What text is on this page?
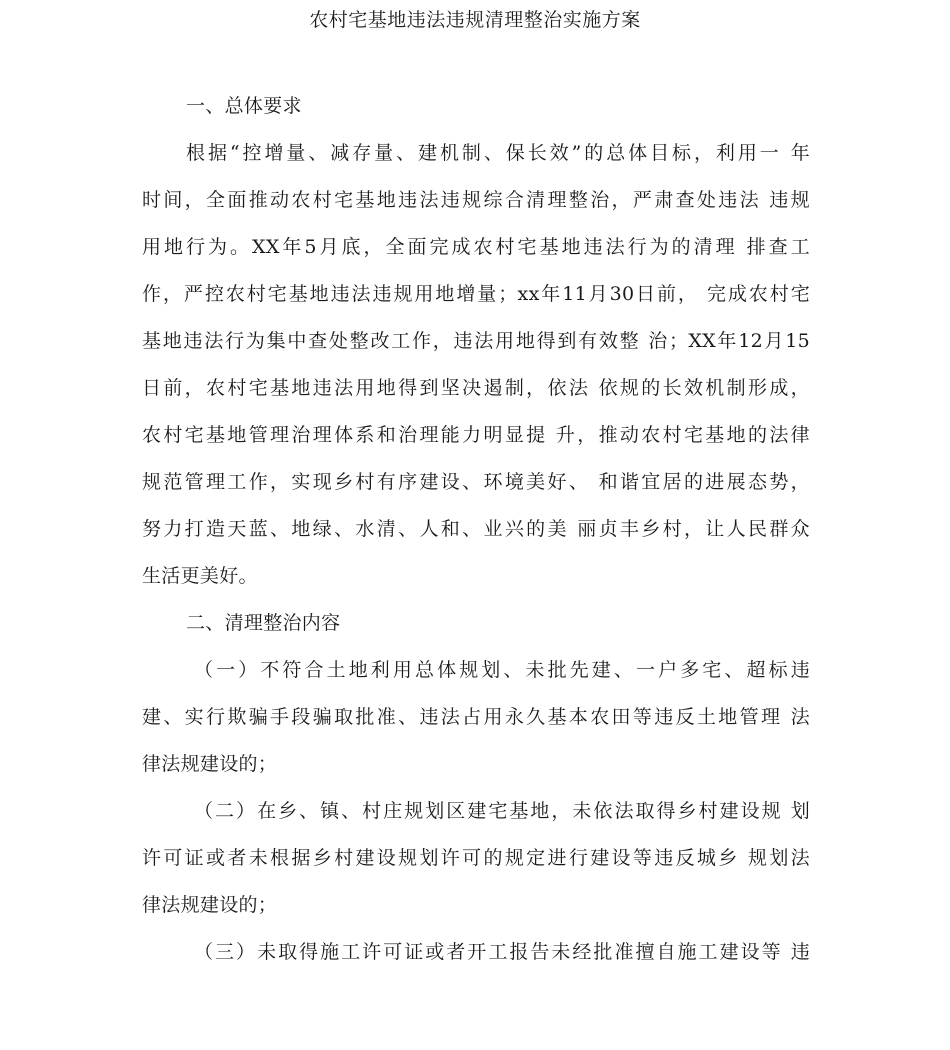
农村宅基地违法违规清理整治实施方案
一、总体要求
根据“控增量、减存量、建机制、保长效”的总体目标，利用一 年
时间，全面推动农村宅基地违法违规综合清理整治，严肃查处违法 违规
用地行为。XX年5月底，全面完成农村宅基地违法行为的清理 排查工
作，严控农村宅基地违法违规用地增量；xx年11月30日前， 完成农村宅
基地违法行为集中查处整改工作，违法用地得到有效整 治；XX年12月15
日前，农村宅基地违法用地得到坚决遏制，依法 依规的长效机制形成，
农村宅基地管理治理体系和治理能力明显提 升，推动农村宅基地的法律
规范管理工作，实现乡村有序建设、环境美好、 和谐宜居的进展态势，
努力打造天蓝、地绿、水清、人和、业兴的美 丽贞丰乡村，让人民群众
生活更美好。
二、清理整治内容
（一）不符合土地利用总体规划、未批先建、一户多宅、超标违
建、实行欺骗手段骗取批准、违法占用永久基本农田等违反土地管理 法
律法规建设的；
（二）在乡、镇、村庄规划区建宅基地，未依法取得乡村建设规 划
许可证或者未根据乡村建设规划许可的规定进行建设等违反城乡 规划法
律法规建设的；
（三）未取得施工许可证或者开工报告未经批准擅自施工建设等 违
